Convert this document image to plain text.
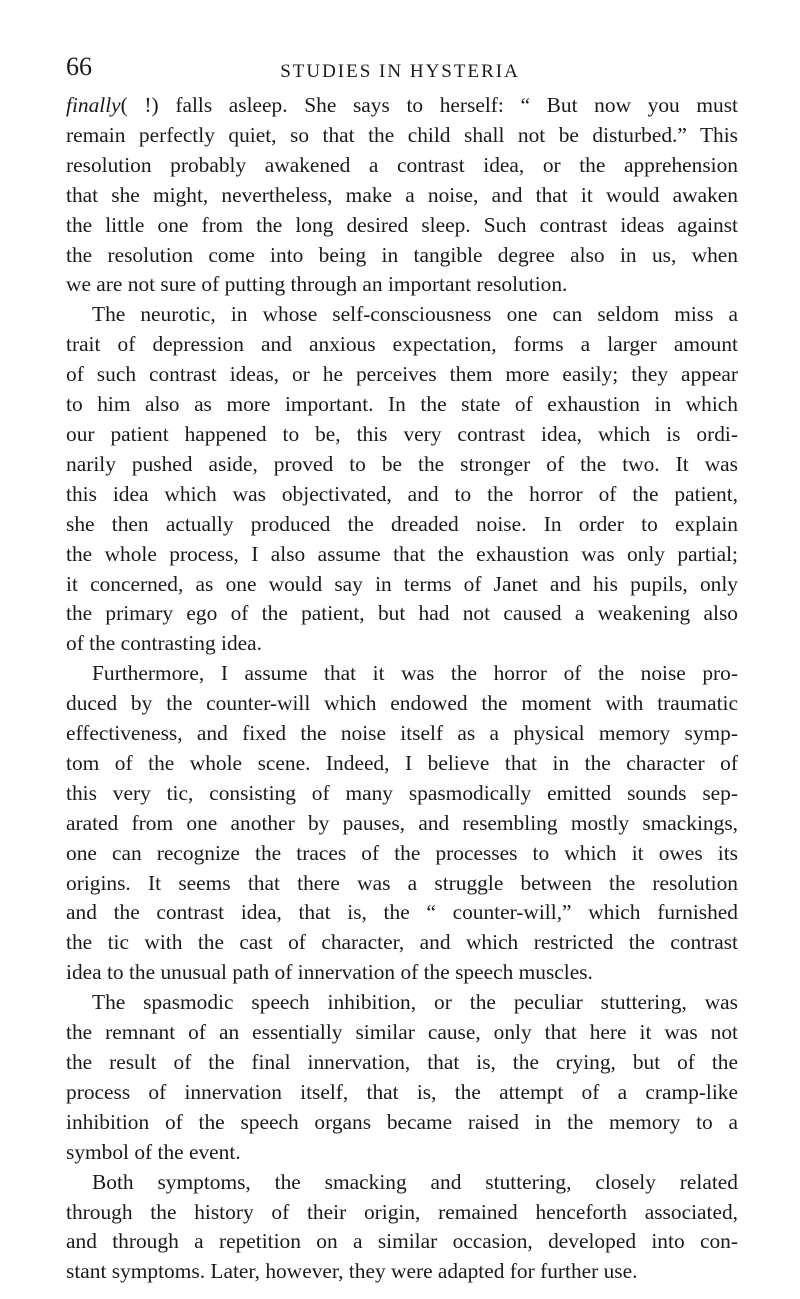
66	STUDIES IN HYSTERIA
finally( !) falls asleep. She says to herself: “ But now you must
remain perfectly quiet, so that the child shall not be disturbed.” This
resolution probably awakened a contrast idea, or the apprehension
that she might, nevertheless, make a noise, and that it would awaken
the little one from the long desired sleep. Such contrast ideas against
the resolution come into being in tangible degree also in us, when
we are not sure of putting through an important resolution.
The neurotic, in whose self-consciousness one can seldom miss a
trait of depression and anxious expectation, forms a larger amount
of such contrast ideas, or he perceives them more easily; they appear
to him also as more important. In the state of exhaustion in which
our patient happened to be, this very contrast idea, which is ordi-
narily pushed aside, proved to be the stronger of the two. It was
this idea which was objectivated, and to the horror of the patient,
she then actually produced the dreaded noise. In order to explain
the whole process, I also assume that the exhaustion was only partial;
it concerned, as one would say in terms of Janet and his pupils, only
the primary ego of the patient, but had not caused a weakening also
of the contrasting idea.
Furthermore, I assume that it was the horror of the noise pro-
duced by the counter-will which endowed the moment with traumatic
effectiveness, and fixed the noise itself as a physical memory symp-
tom of the whole scene. Indeed, I believe that in the character of
this very tic, consisting of many spasmodically emitted sounds sep-
arated from one another by pauses, and resembling mostly smackings,
one can recognize the traces of the processes to which it owes its
origins. It seems that there was a struggle between the resolution
and the contrast idea, that is, the “ counter-will,” which furnished
the tic with the cast of character, and which restricted the contrast
idea to the unusual path of innervation of the speech muscles.
The spasmodic speech inhibition, or the peculiar stuttering, was
the remnant of an essentially similar cause, only that here it was not
the result of the final innervation, that is, the crying, but of the
process of innervation itself, that is, the attempt of a cramp-like
inhibition of the speech organs became raised in the memory to a
symbol of the event.
Both symptoms, the smacking and stuttering, closely related
through the history of their origin, remained henceforth associated,
and through a repetition on a similar occasion, developed into con-
stant symptoms. Later, however, they were adapted for further use.
